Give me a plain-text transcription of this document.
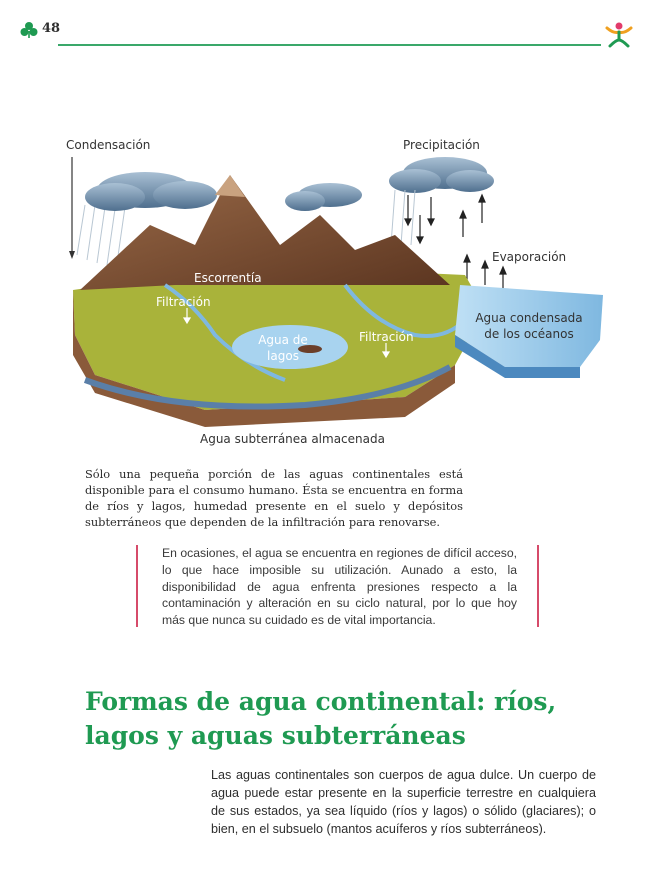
48
Condensación	Precipitación
Evaporación
Escorrentía
Filtración
Filtración
Agua de
lagos
Agua condensada
de los océanos
Agua subterránea almacenada

Sólo una pequeña porción de las aguas continentales está disponible para el consumo humano. Ésta se encuentra en forma de ríos y lagos, humedad presente en el suelo y depósitos subterráneos que dependen de la infiltración para renovarse.

En ocasiones, el agua se encuentra en regiones de difícil acceso, lo que hace imposible su utilización. Aunado a esto, la disponibilidad de agua enfrenta presiones respecto a la contaminación y alteración en su ciclo natural, por lo que hoy más que nunca su cuidado es de vital importancia.
Formas de agua continental: ríos, lagos y aguas subterráneas

Las aguas continentales son cuerpos de agua dulce. Un cuerpo de agua puede estar presente en la superficie terrestre en cualquiera de sus estados, ya sea líquido (ríos y lagos) o sólido (glaciares); o bien, en el subsuelo (mantos acuíferos y ríos subterráneos).
